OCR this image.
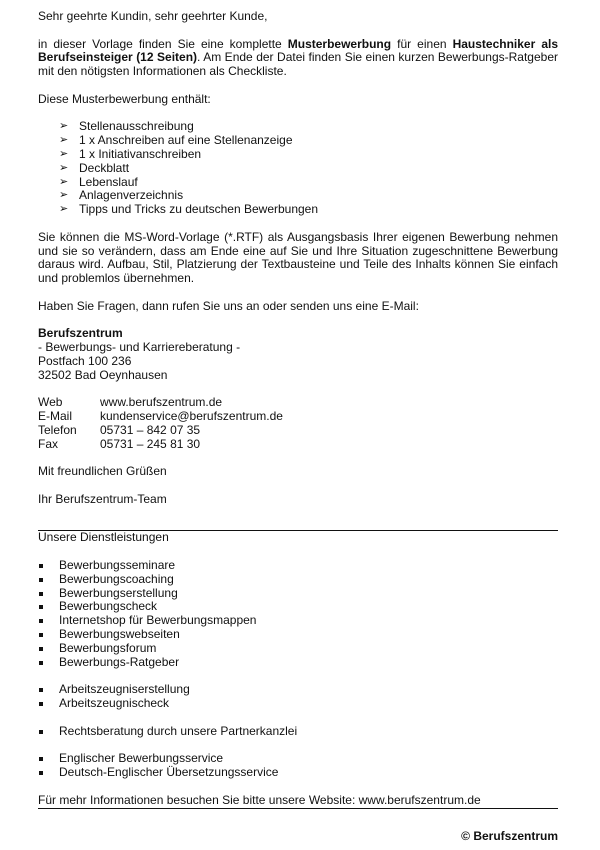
Sehr geehrte Kundin, sehr geehrter Kunde,

in dieser Vorlage finden Sie eine komplette Musterbewerbung für einen Haustechniker als Berufseinsteiger (12 Seiten). Am Ende der Datei finden Sie einen kurzen Bewerbungs-Ratgeber mit den nötigsten Informationen als Checkliste.

Diese Musterbewerbung enthält:

➢ Stellenausschreibung
➢ 1 x Anschreiben auf eine Stellenanzeige
➢ 1 x Initiativanschreiben
➢ Deckblatt
➢ Lebenslauf
➢ Anlagenverzeichnis
➢ Tipps und Tricks zu deutschen Bewerbungen

Sie können die MS-Word-Vorlage (*.RTF) als Ausgangsbasis Ihrer eigenen Bewerbung nehmen und sie so verändern, dass am Ende eine auf Sie und Ihre Situation zugeschnittene Bewerbung daraus wird. Aufbau, Stil, Platzierung der Textbausteine und Teile des Inhalts können Sie einfach und problemlos übernehmen.

Haben Sie Fragen, dann rufen Sie uns an oder senden uns eine E-Mail:

Berufszentrum

- Bewerbungs- und Karriereberatung -

Postfach 100 236

32502 Bad Oeynhausen

Web	www.berufszentrum.de
E-Mail	kundenservice@berufszentrum.de
Telefon	05731 – 842 07 35
Fax	05731 – 245 81 30

Mit freundlichen Grüßen

Ihr Berufszentrum-Team

Unsere Dienstleistungen

Bewerbungsseminare
Bewerbungscoaching
Bewerbungserstellung
Bewerbungscheck
Internetshop für Bewerbungsmappen
Bewerbungswebseiten
Bewerbungsforum
Bewerbungs-Ratgeber
Arbeitszeugniserstellung
Arbeitszeugnischeck
Rechtsberatung durch unsere Partnerkanzlei
Englischer Bewerbungsservice
Deutsch-Englischer Übersetzungsservice

Für mehr Informationen besuchen Sie bitte unsere Website: www.berufszentrum.de

© Berufszentrum
